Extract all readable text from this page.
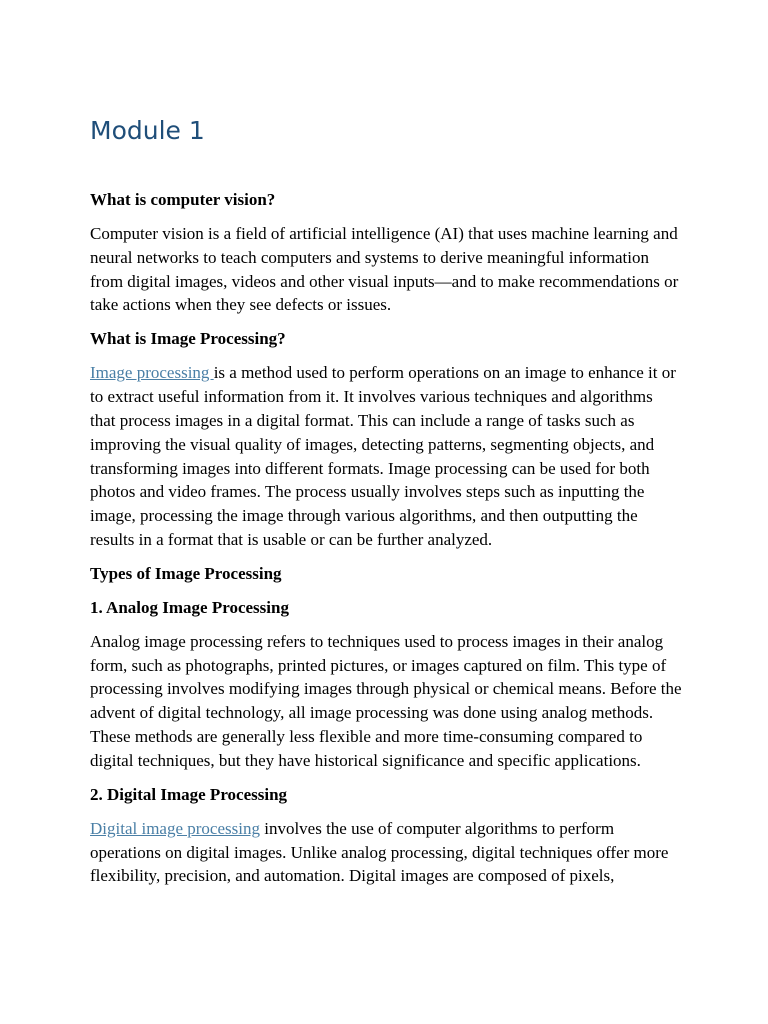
Module 1
What is computer vision?

Computer vision is a field of artificial intelligence (AI) that uses machine learning and neural networks to teach computers and systems to derive meaningful information from digital images, videos and other visual inputs—and to make recommendations or take actions when they see defects or issues.

What is Image Processing?

Image processing is a method used to perform operations on an image to enhance it or to extract useful information from it. It involves various techniques and algorithms that process images in a digital format. This can include a range of tasks such as improving the visual quality of images, detecting patterns, segmenting objects, and transforming images into different formats. Image processing can be used for both photos and video frames. The process usually involves steps such as inputting the image, processing the image through various algorithms, and then outputting the results in a format that is usable or can be further analyzed.

Types of Image Processing
1. Analog Image Processing

Analog image processing refers to techniques used to process images in their analog form, such as photographs, printed pictures, or images captured on film. This type of processing involves modifying images through physical or chemical means. Before the advent of digital technology, all image processing was done using analog methods. These methods are generally less flexible and more time-consuming compared to digital techniques, but they have historical significance and specific applications.

2. Digital Image Processing

Digital image processing involves the use of computer algorithms to perform operations on digital images. Unlike analog processing, digital techniques offer more flexibility, precision, and automation. Digital images are composed of pixels,
